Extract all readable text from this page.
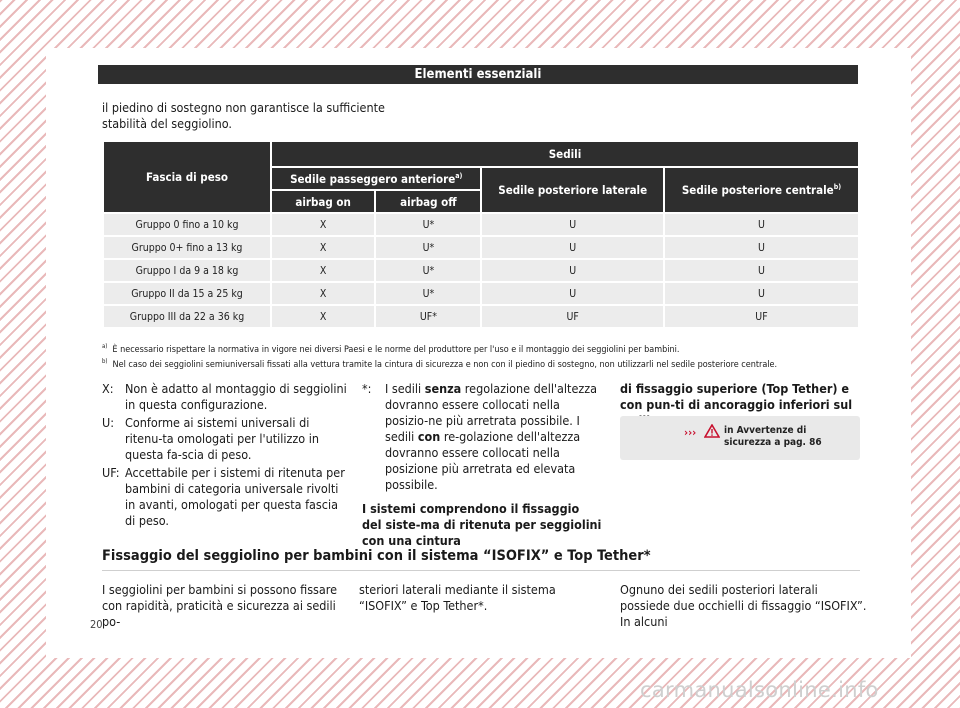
Elementi essenziali
il piedino di sostegno non garantisce la sufficiente stabilità del seggiolino.
Fascia di peso	Sedili			
	Sedile passeggero anteriore$^{a)}$		Sedile posteriore laterale	Sedile posteriore centrale$^{b)}$
	airbag on	airbag off		
Gruppo 0 fino a 10 kg	X	U*	U	U
Gruppo 0+ fino a 13 kg	X	U*	U	U
Gruppo I da 9 a 18 kg	X	U*	U	U
Gruppo II da 15 a 25 kg	X	U*	U	U
Gruppo III da 22 a 36 kg	X	UF*	UF	UF
$^{a)}$ È necessario rispettare la normativa in vigore nei diversi Paesi e le norme del produttore per l'uso e il montaggio dei seggiolini per bambini.
$^{b)}$ Nel caso dei seggiolini semiuniversali fissati alla vettura tramite la cintura di sicurezza e non con il piedino di sostegno, non utilizzarli nel sedile posteriore centrale.
X: Non è adatto al montaggio di seggiolini in questa configurazione.
U: Conforme ai sistemi universali di ritenu-ta omologati per l'utilizzo in questa fa-scia di peso.
UF: Accettabile per i sistemi di ritenuta per bambini di categoria universale rivolti in avanti, omologati per questa fascia di peso.
*:	I sedili senza regolazione dell'altezza dovranno essere collocati nella posizio-ne più arretrata possibile. I sedili con re-golazione dell'altezza dovranno essere collocati nella posizione più arretrata ed elevata possibile.

I sistemi comprendono il fissaggio del siste-ma di ritenuta per seggiolini con una cintura

di fissaggio superiore (Top Tether) e con pun-ti di ancoraggio inferiori sul
›››	in Avvertenze di sicurezza a pag. 86
Fissaggio del seggiolino per bambini con il sistema “ISOFIX” e Top Tether*
I seggiolini per bambini si possono fissare con rapidità, praticità e sicurezza ai sedili po-
steriori laterali mediante il sistema “ISOFIX” e Top Tether*.
Ognuno dei sedili posteriori laterali possiede due occhielli di fissaggio “ISOFIX”. In alcuni
20
carmanualsonline.info
